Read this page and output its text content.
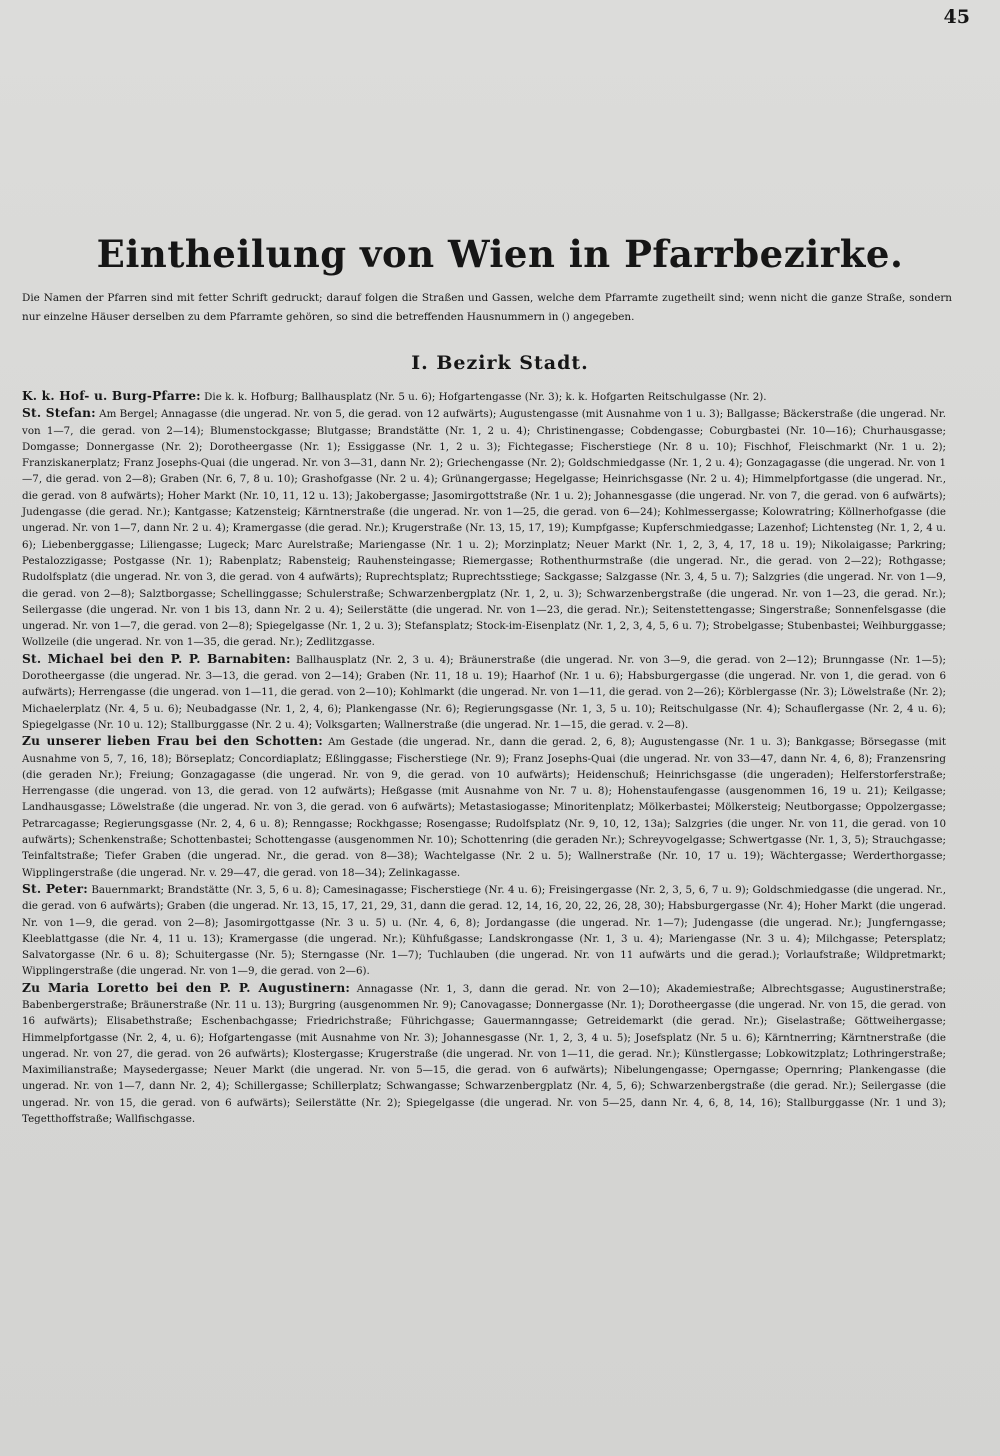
45
Eintheilung von Wien in Pfarrbezirke.
Die Namen der Pfarren sind mit fetter Schrift gedruckt; darauf folgen die Straßen und Gassen, welche dem Pfarramte zugetheilt sind; wenn nicht die ganze Straße, sondern nur einzelne Häuser derselben zu dem Pfarramte gehören, so sind die betreffenden Hausnummern in () angegeben.
I. Bezirk Stadt.

K. k. Hof- u. Burg-Pfarre: Die k. k. Hofburg; Ballhausplatz (Nr. 5 u. 6); Hofgartengasse (Nr. 3); k. k. Hofgarten Reitschulgasse (Nr. 2).

St. Stefan: Am Bergel; Annagasse (die ungerad. Nr. von 5, die gerad. von 12 aufwärts); Augustengasse (mit Ausnahme von 1 u. 3); Ballgasse; Bäckerstraße (die ungerad. Nr. von 1—7, die gerad. von 2—14); Blumenstockgasse; Blutgasse; Brandstätte (Nr. 1, 2 u. 4); Christinengasse; Cobdengasse; Coburgbastei (Nr. 10—16); Churhausgasse; Domgasse; Donnergasse (Nr. 2); Dorotheergasse (Nr. 1); Essiggasse (Nr. 1, 2 u. 3); Fichtegasse; Fischerstiege (Nr. 8 u. 10); Fischhof, Fleischmarkt (Nr. 1 u. 2); Franziskanerplatz; Franz Josephs-Quai (die ungerad. Nr. von 3—31, dann Nr. 2); Griechengasse (Nr. 2); Goldschmiedgasse (Nr. 1, 2 u. 4); Gonzagagasse (die ungerad. Nr. von 1—7, die gerad. von 2—8); Graben (Nr. 6, 7, 8 u. 10); Grashofgasse (Nr. 2 u. 4); Grünangergasse; Hegelgasse; Heinrichsgasse (Nr. 2 u. 4); Himmelpfortgasse (die ungerad. Nr., die gerad. von 8 aufwärts); Hoher Markt (Nr. 10, 11, 12 u. 13); Jakobergasse; Jasomirgottstraße (Nr. 1 u. 2); Johannesgasse (die ungerad. Nr. von 7, die gerad. von 6 aufwärts); Judengasse (die gerad. Nr.); Kantgasse; Katzensteig; Kärntnerstraße (die ungerad. Nr. von 1—25, die gerad. von 6—24); Kohlmessergasse; Kolowratring; Köllnerhofgasse (die ungerad. Nr. von 1—7, dann Nr. 2 u. 4); Kramergasse (die gerad. Nr.); Krugerstraße (Nr. 13, 15, 17, 19); Kumpfgasse; Kupferschmiedgasse; Lazenhof; Lichtensteg (Nr. 1, 2, 4 u. 6); Liebenberggasse; Liliengasse; Lugeck; Marc Aurelstraße; Mariengasse (Nr. 1 u. 2); Morzinplatz; Neuer Markt (Nr. 1, 2, 3, 4, 17, 18 u. 19); Nikolaigasse; Parkring; Pestalozzigasse; Postgasse (Nr. 1); Rabenplatz; Rabensteig; Rauhensteingasse; Riemergasse; Rothenthurmstraße (die ungerad. Nr., die gerad. von 2—22); Rothgasse; Rudolfsplatz (die ungerad. Nr. von 3, die gerad. von 4 aufwärts); Ruprechtsplatz; Ruprechtsstiege; Sackgasse; Salzgasse (Nr. 3, 4, 5 u. 7); Salzgries (die ungerad. Nr. von 1—9, die gerad. von 2—8); Salztborgasse; Schellinggasse; Schulerstraße; Schwarzenbergplatz (Nr. 1, 2, u. 3); Schwarzenbergstraße (die ungerad. Nr. von 1—23, die gerad. Nr.); Seilergasse (die ungerad. Nr. von 1 bis 13, dann Nr. 2 u. 4); Seilerstätte (die ungerad. Nr. von 1—23, die gerad. Nr.); Seitenstettengasse; Singerstraße; Sonnenfelsgasse (die ungerad. Nr. von 1—7, die gerad. von 2—8); Spiegelgasse (Nr. 1, 2 u. 3); Stefansplatz; Stock-im-Eisenplatz (Nr. 1, 2, 3, 4, 5, 6 u. 7); Strobelgasse; Stubenbastei; Weihburggasse; Wollzeile (die ungerad. Nr. von 1—35, die gerad. Nr.); Zedlitzgasse.

St. Michael bei den P. P. Barnabiten: Ballhausplatz (Nr. 2, 3 u. 4); Bräunerstraße (die ungerad. Nr. von 3—9, die gerad. von 2—12); Brunngasse (Nr. 1—5); Dorotheergasse (die ungerad. Nr. 3—13, die gerad. von 2—14); Graben (Nr. 11, 18 u. 19); Haarhof (Nr. 1 u. 6); Habsburgergasse (die ungerad. Nr. von 1, die gerad. von 6 aufwärts); Herrengasse (die ungerad. von 1—11, die gerad. von 2—10); Kohlmarkt (die ungerad. Nr. von 1—11, die gerad. von 2—26); Körblergasse (Nr. 3); Löwelstraße (Nr. 2); Michaelerplatz (Nr. 4, 5 u. 6); Neubadgasse (Nr. 1, 2, 4, 6); Plankengasse (Nr. 6); Regierungsgasse (Nr. 1, 3, 5 u. 10); Reitschulgasse (Nr. 4); Schauflergasse (Nr. 2, 4 u. 6); Spiegelgasse (Nr. 10 u. 12); Stallburggasse (Nr. 2 u. 4); Volksgarten; Wallnerstraße (die ungerad. Nr. 1—15, die gerad. v. 2—8).

Zu unserer lieben Frau bei den Schotten: Am Gestade (die ungerad. Nr., dann die gerad. 2, 6, 8); Augustengasse (Nr. 1 u. 3); Bankgasse; Börsegasse (mit Ausnahme von 5, 7, 16, 18); Börseplatz; Concordiaplatz; Eßlinggasse; Fischerstiege (Nr. 9); Franz Josephs-Quai (die ungerad. Nr. von 33—47, dann Nr. 4, 6, 8); Franzensring (die geraden Nr.); Freiung; Gonzagagasse (die ungerad. Nr. von 9, die gerad. von 10 aufwärts); Heidenschuß; Heinrichsgasse (die ungeraden); Helferstorferstraße; Herrengasse (die ungerad. von 13, die gerad. von 12 aufwärts); Heßgasse (mit Ausnahme von Nr. 7 u. 8); Hohenstaufengasse (ausgenommen 16, 19 u. 21); Keilgasse; Landhausgasse; Löwelstraße (die ungerad. Nr. von 3, die gerad. von 6 aufwärts); Metastasiogasse; Minoritenplatz; Mölkerbastei; Mölkersteig; Neutborgasse; Oppolzergasse; Petrarcagasse; Regierungsgasse (Nr. 2, 4, 6 u. 8); Renngasse; Rockhgasse; Rosengasse; Rudolfsplatz (Nr. 9, 10, 12, 13a); Salzgries (die unger. Nr. von 11, die gerad. von 10 aufwärts); Schenkenstraße; Schottenbastei; Schottengasse (ausgenommen Nr. 10); Schottenring (die geraden Nr.); Schreyvogelgasse; Schwertgasse (Nr. 1, 3, 5); Strauchgasse; Teinfaltstraße; Tiefer Graben (die ungerad. Nr., die gerad. von 8—38); Wachtelgasse (Nr. 2 u. 5); Wallnerstraße (Nr. 10, 17 u. 19); Wächtergasse; Werderthorgasse; Wipplingerstraße (die ungerad. Nr. v. 29—47, die gerad. von 18—34); Zelinkagasse.

St. Peter: Bauernmarkt; Brandstätte (Nr. 3, 5, 6 u. 8); Camesinagasse; Fischerstiege (Nr. 4 u. 6); Freisingergasse (Nr. 2, 3, 5, 6, 7 u. 9); Goldschmiedgasse (die ungerad. Nr., die gerad. von 6 aufwärts); Graben (die ungerad. Nr. 13, 15, 17, 21, 29, 31, dann die gerad. 12, 14, 16, 20, 22, 26, 28, 30); Habsburgergasse (Nr. 4); Hoher Markt (die ungerad. Nr. von 1—9, die gerad. von 2—8); Jasomirgottgasse (Nr. 3 u. 5) u. (Nr. 4, 6, 8); Jordangasse (die ungerad. Nr. 1—7); Judengasse (die ungerad. Nr.); Jungferngasse; Kleeblattgasse (die Nr. 4, 11 u. 13); Kramergasse (die ungerad. Nr.); Kühfußgasse; Landskrongasse (Nr. 1, 3 u. 4); Mariengasse (Nr. 3 u. 4); Milchgasse; Petersplatz; Salvatorgasse (Nr. 6 u. 8); Schuitergasse (Nr. 5); Sterngasse (Nr. 1—7); Tuchlauben (die ungerad. Nr. von 11 aufwärts und die gerad.); Vorlaufstraße; Wildpretmarkt; Wipplingerstraße (die ungerad. Nr. von 1—9, die gerad. von 2—6).

Zu Maria Loretto bei den P. P. Augustinern: Annagasse (Nr. 1, 3, dann die gerad. Nr. von 2—10); Akademiestraße; Albrechtsgasse; Augustinerstraße; Babenbergerstraße; Bräunerstraße (Nr. 11 u. 13); Burgring (ausgenommen Nr. 9); Canovagasse; Donnergasse (Nr. 1); Dorotheergasse (die ungerad. Nr. von 15, die gerad. von 16 aufwärts); Elisabethstraße; Eschenbachgasse; Friedrichstraße; Führichgasse; Gauermanngasse; Getreidemarkt (die gerad. Nr.); Giselastraße; Göttweihergasse; Himmelpfortgasse (Nr. 2, 4, u. 6); Hofgartengasse (mit Ausnahme von Nr. 3); Johannesgasse (Nr. 1, 2, 3, 4 u. 5); Josefsplatz (Nr. 5 u. 6); Kärntnerring; Kärntnerstraße (die ungerad. Nr. von 27, die gerad. von 26 aufwärts); Klostergasse; Krugerstraße (die ungerad. Nr. von 1—11, die gerad. Nr.); Künstlergasse; Lobkowitzplatz; Lothringerstraße; Maximilianstraße; Maysedergasse; Neuer Markt (die ungerad. Nr. von 5—15, die gerad. von 6 aufwärts); Nibelungengasse; Operngasse; Opernring; Plankengasse (die ungerad. Nr. von 1—7, dann Nr. 2, 4); Schillergasse; Schillerplatz; Schwangasse; Schwarzenbergplatz (Nr. 4, 5, 6); Schwarzenbergstraße (die gerad. Nr.); Seilergasse (die ungerad. Nr. von 15, die gerad. von 6 aufwärts); Seilerstätte (Nr. 2); Spiegelgasse (die ungerad. Nr. von 5—25, dann Nr. 4, 6, 8, 14, 16); Stallburggasse (Nr. 1 und 3); Tegetthoffstraße; Wallfischgasse.
